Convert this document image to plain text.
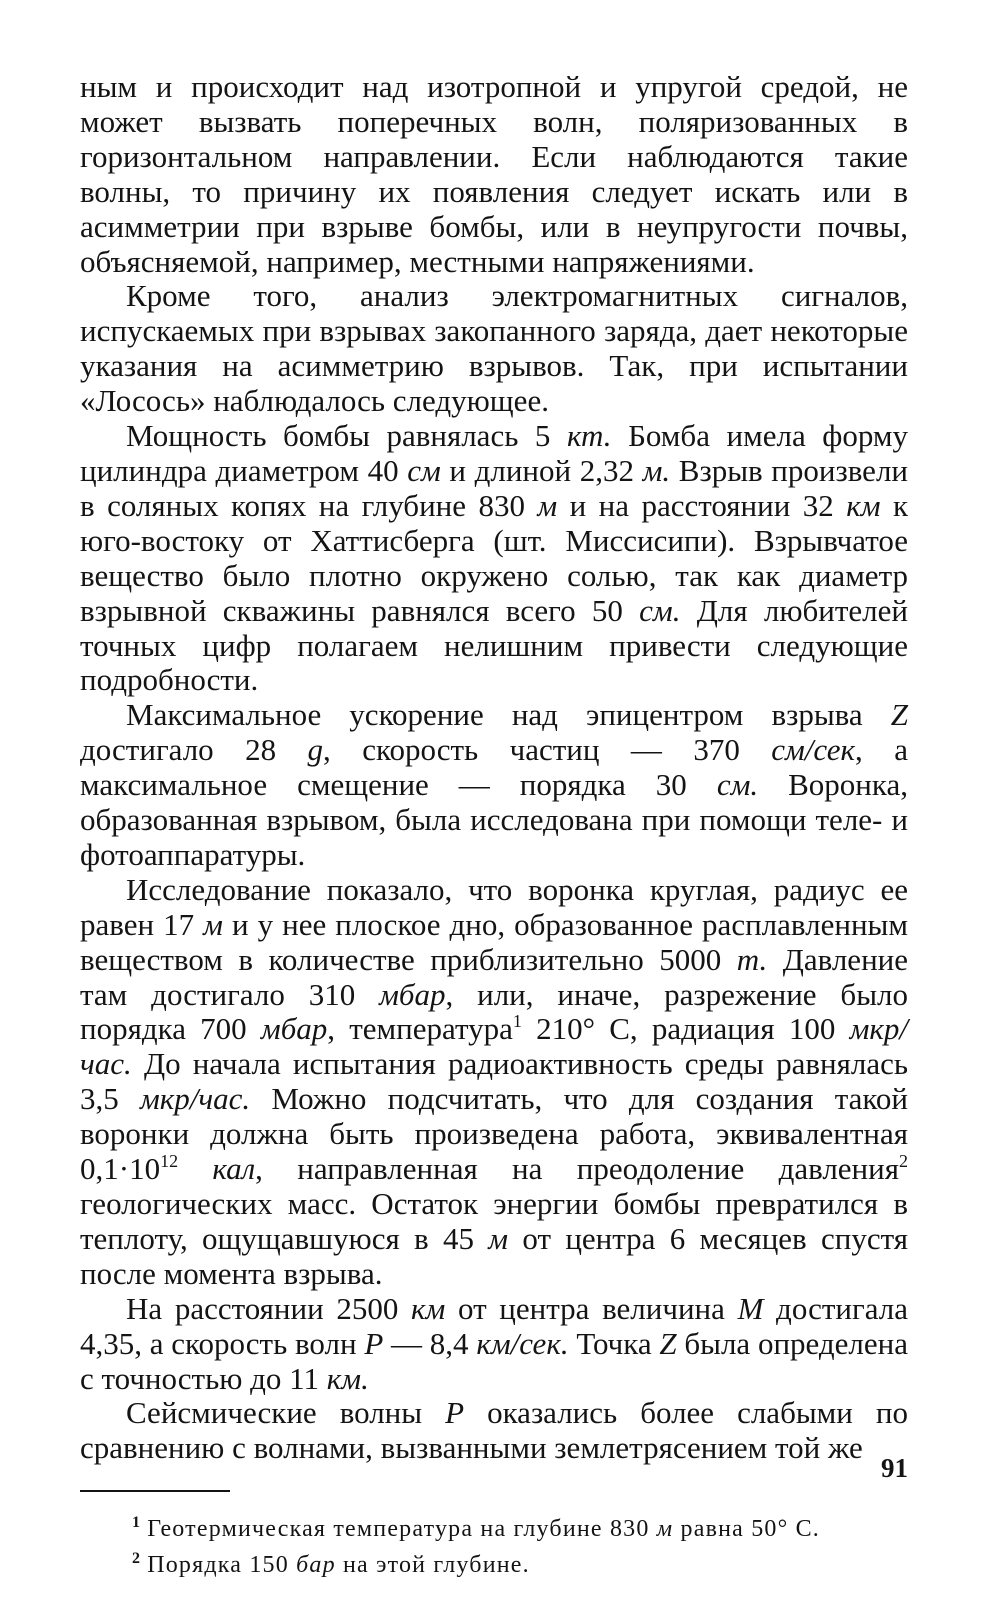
ным и происходит над изотропной и упругой средой, не может вызвать поперечных волн, поляризованных в горизонтальном направлении. Если наблюдаются такие волны, то причину их появления следует искать или в асимметрии при взрыве бомбы, или в неупругости почвы, объясняемой, например, местными напряжениями.

Кроме того, анализ электромагнитных сигналов, испускаемых при взрывах закопанного заряда, дает некоторые указания на асимметрию взрывов. Так, при испытании «Лосось» наблюдалось следующее.

Мощность бомбы равнялась 5 кт. Бомба имела форму цилиндра диаметром 40 см и длиной 2,32 м. Взрыв произвели в соляных копях на глубине 830 м и на расстоянии 32 км к юго-востоку от Хаттисберга (шт. Миссисипи). Взрывчатое вещество было плотно окружено солью, так как диаметр взрывной скважины равнялся всего 50 см. Для любителей точных цифр полагаем нелишним привести следующие подробности.

Максимальное ускорение над эпицентром взрыва Z достигало 28 g, скорость частиц — 370 см/сек, а максимальное смещение — порядка 30 см. Воронка, образованная взрывом, была исследована при помощи теле- и фотоаппаратуры.

Исследование показало, что воронка круглая, радиус ее равен 17 м и у нее плоское дно, образованное расплавленным веществом в количестве приблизительно 5000 т. Давление там достигало 310 мбар, или, иначе, разрежение было порядка 700 мбар, температура$^1$ 210° C, радиация 100 мкр/час. До начала испытания радиоактивность среды равнялась 3,5 мкр/час. Можно подсчитать, что для создания такой воронки должна быть произведена работа, эквивалентная $0,1\cdot 10^{12}$ кал, направленная на преодоление давления$^2$ геологических масс. Остаток энергии бомбы превратился в теплоту, ощущавшуюся в 45 м от центра 6 месяцев спустя после момента взрыва.

На расстоянии 2500 км от центра величина М достигала 4,35, а скорость волн Р — 8,4 км/сек. Точка Z была определена с точностью до 11 км.

Сейсмические волны Р оказались более слабыми по сравнению с волнами, вызванными землетрясением той же

$^1$ Геотермическая температура на глубине 830 м равна 50° С.
$^2$ Порядка 150 бар на этой глубине.
91
